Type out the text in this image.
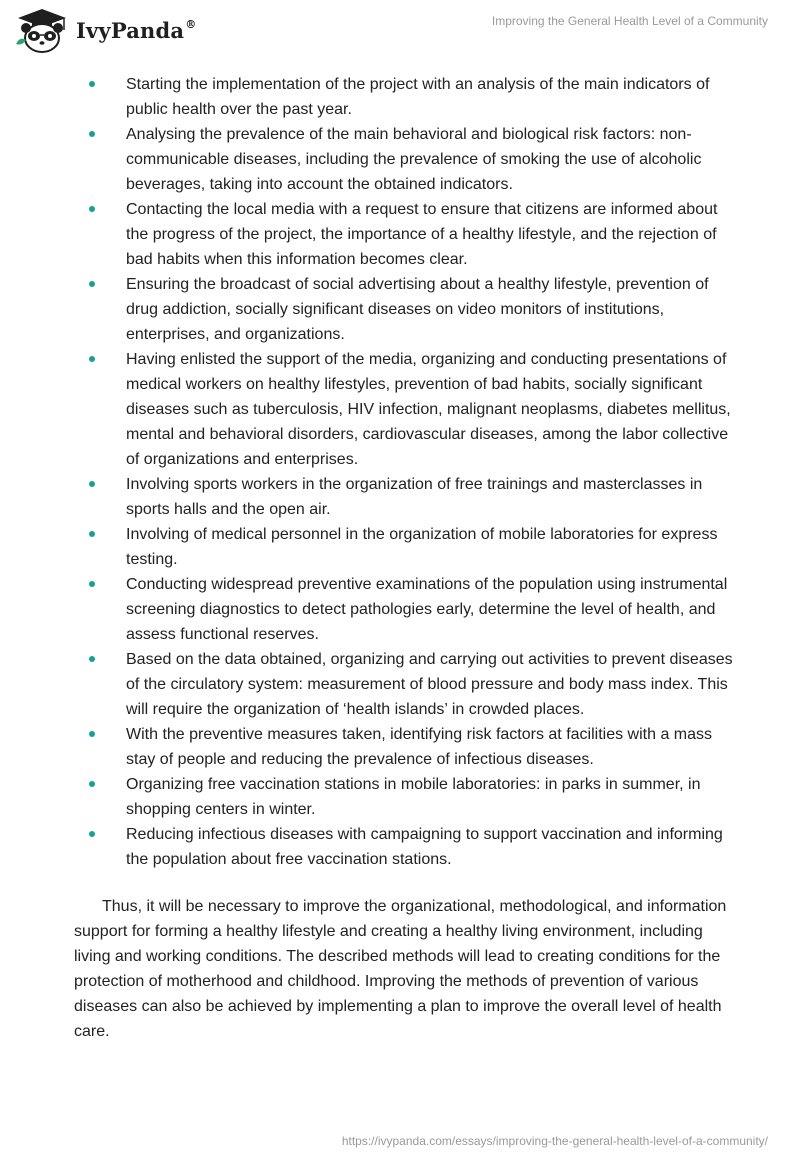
IvyPanda®	Improving the General Health Level of a Community
Starting the implementation of the project with an analysis of the main indicators of public health over the past year.
Analysing the prevalence of the main behavioral and biological risk factors: non-communicable diseases, including the prevalence of smoking the use of alcoholic beverages, taking into account the obtained indicators.
Contacting the local media with a request to ensure that citizens are informed about the progress of the project, the importance of a healthy lifestyle, and the rejection of bad habits when this information becomes clear.
Ensuring the broadcast of social advertising about a healthy lifestyle, prevention of drug addiction, socially significant diseases on video monitors of institutions, enterprises, and organizations.
Having enlisted the support of the media, organizing and conducting presentations of medical workers on healthy lifestyles, prevention of bad habits, socially significant diseases such as tuberculosis, HIV infection, malignant neoplasms, diabetes mellitus, mental and behavioral disorders, cardiovascular diseases, among the labor collective of organizations and enterprises.
Involving sports workers in the organization of free trainings and masterclasses in sports halls and the open air.
Involving of medical personnel in the organization of mobile laboratories for express testing.
Conducting widespread preventive examinations of the population using instrumental screening diagnostics to detect pathologies early, determine the level of health, and assess functional reserves.
Based on the data obtained, organizing and carrying out activities to prevent diseases of the circulatory system: measurement of blood pressure and body mass index. This will require the organization of ‘health islands’ in crowded places.
With the preventive measures taken, identifying risk factors at facilities with a mass stay of people and reducing the prevalence of infectious diseases.
Organizing free vaccination stations in mobile laboratories: in parks in summer, in shopping centers in winter.
Reducing infectious diseases with campaigning to support vaccination and informing the population about free vaccination stations.

Thus, it will be necessary to improve the organizational, methodological, and information support for forming a healthy lifestyle and creating a healthy living environment, including living and working conditions. The described methods will lead to creating conditions for the protection of motherhood and childhood. Improving the methods of prevention of various diseases can also be achieved by implementing a plan to improve the overall level of health care.

https://ivypanda.com/essays/improving-the-general-health-level-of-a-community/
